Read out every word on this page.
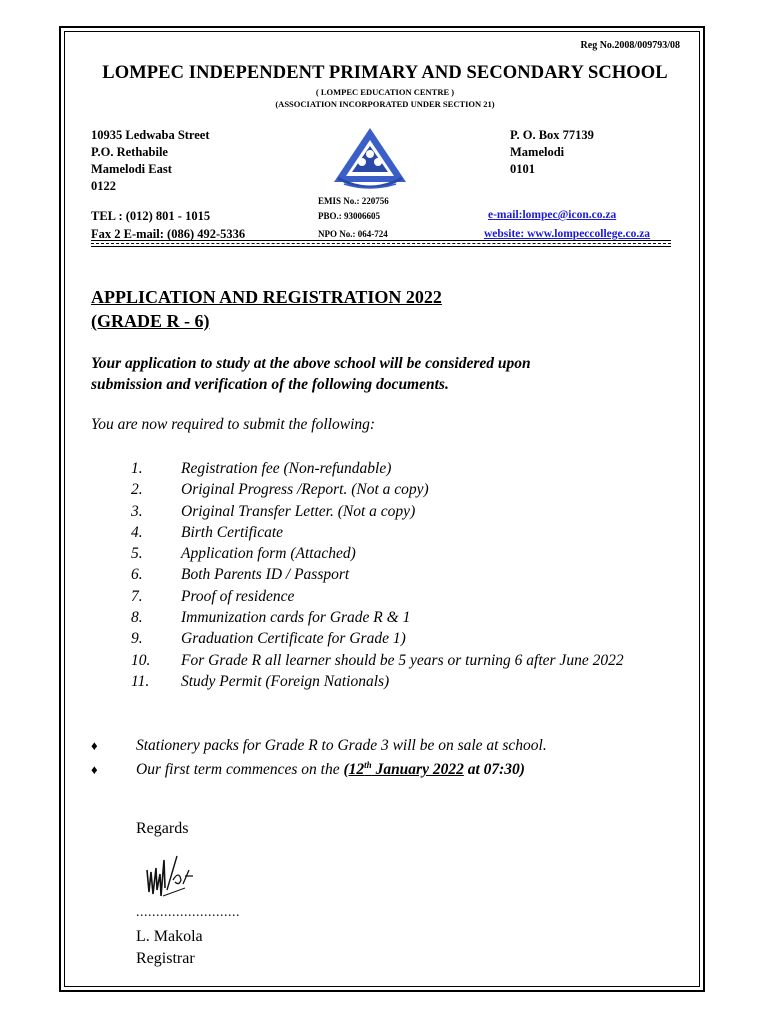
Reg No.2008/009793/08
LOMPEC INDEPENDENT PRIMARY AND SECONDARY SCHOOL
( LOMPEC EDUCATION CENTRE )
(ASSOCIATION INCORPORATED UNDER SECTION 21)
10935 Ledwaba Street
P.O. Rethabile
Mamelodi East
0122
P. O. Box 77139
Mamelodi
0101
EMIS No.: 220756
PBO.: 93006605
NPO No.: 064-724
TEL : (012) 801 - 1015
Fax 2 E-mail: (086) 492-5336
e-mail:lompec@icon.co.za
website: www.lompeccollege.co.za
APPLICATION AND REGISTRATION 2022
(GRADE R - 6)
Your application to study at the above school will be considered upon
submission and verification of the following documents.
You are now required to submit the following:
1. Registration fee (Non-refundable)
2. Original Progress /Report. (Not a copy)
3. Original Transfer Letter. (Not a copy)
4. Birth Certificate
5. Application form (Attached)
6. Both Parents ID / Passport
7. Proof of residence
8. Immunization cards for Grade R & 1
9. Graduation Certificate for Grade 1)
10. For Grade R all learner should be 5 years or turning 6 after June 2022
11. Study Permit (Foreign Nationals)
♦ Stationery packs for Grade R to Grade 3 will be on sale at school.
♦ Our first term commences on the (12th January 2022 at 07:30)
Regards
..........................
L. Makola
Registrar
